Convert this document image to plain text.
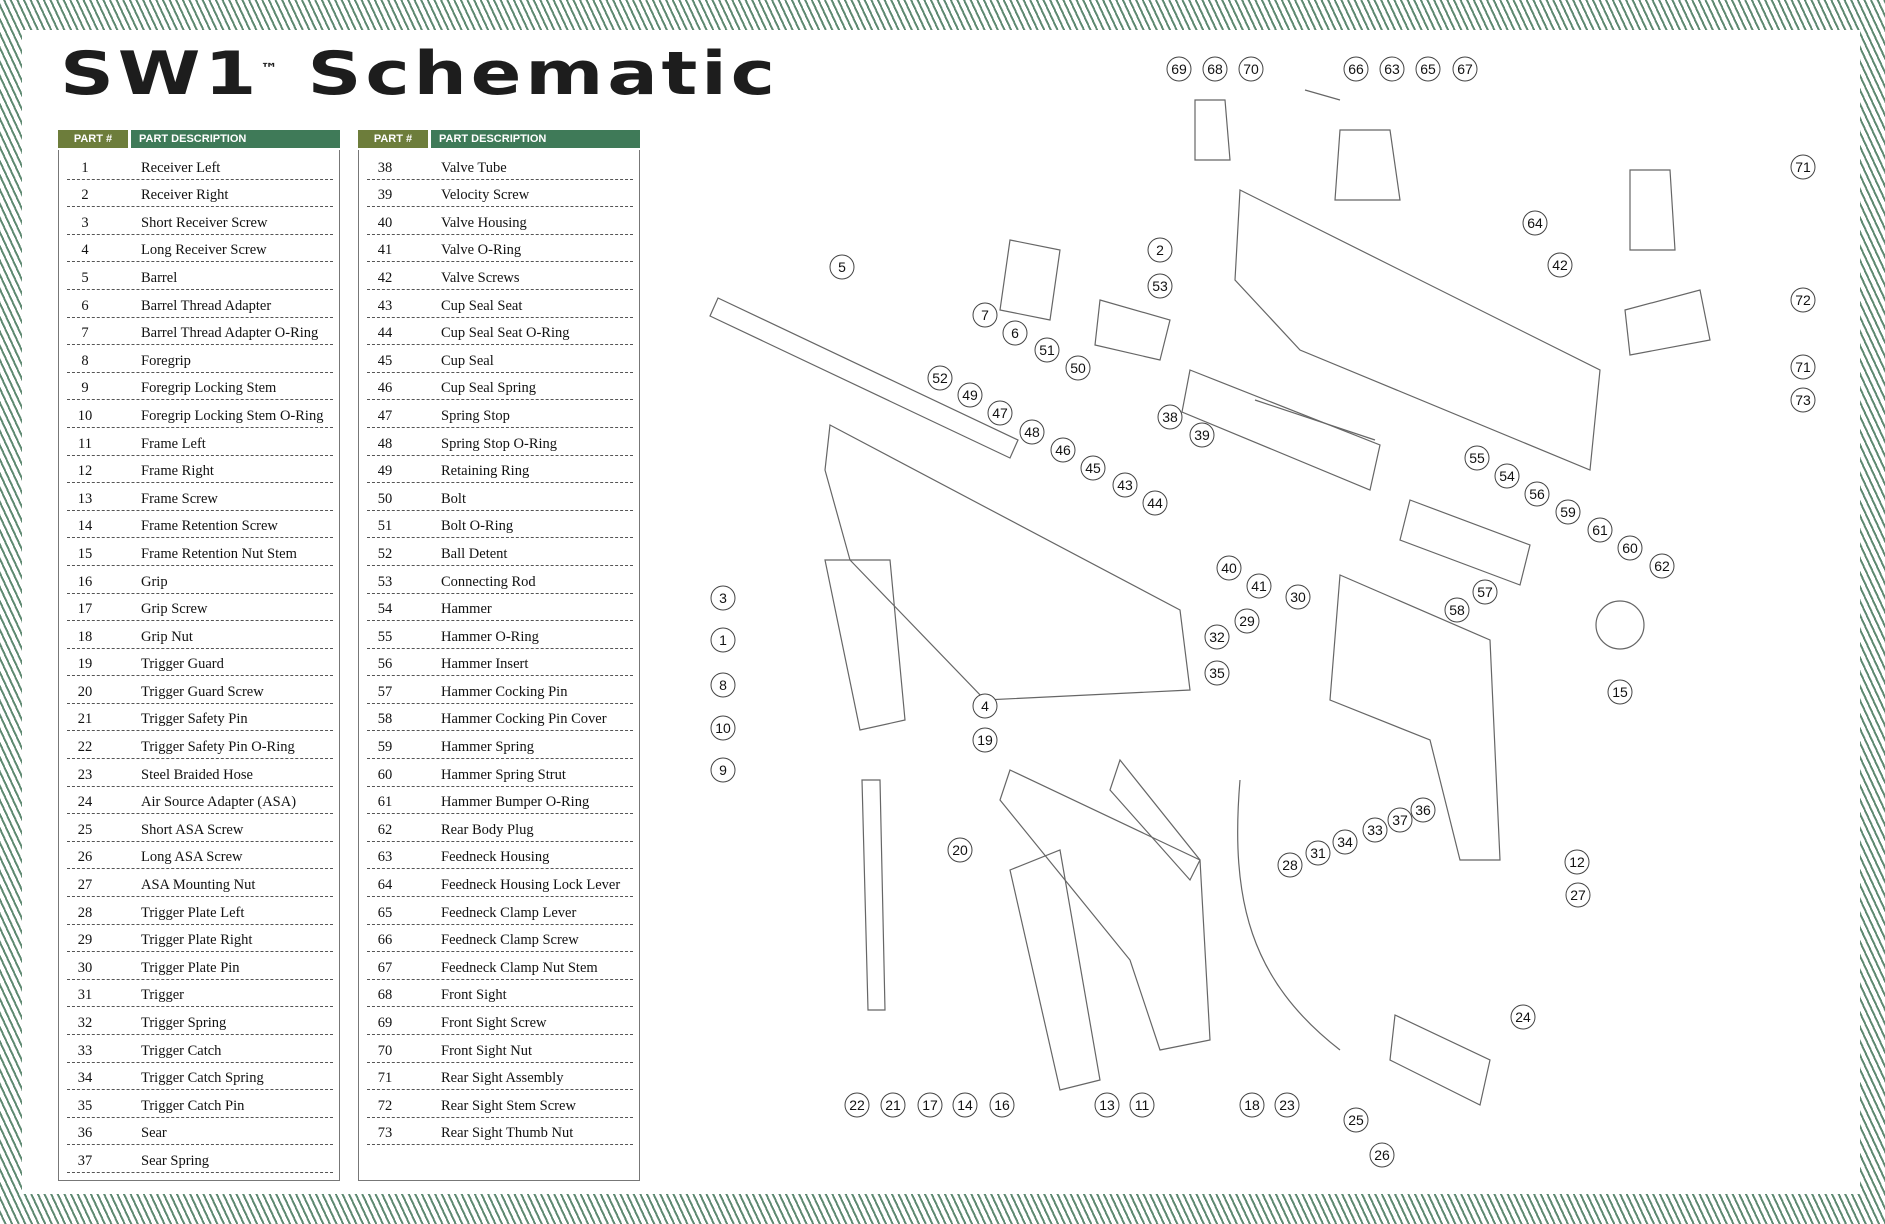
SW1™ Schematic
PART #	PART DESCRIPTION
1	Receiver Left
2	Receiver Right
3	Short Receiver Screw
4	Long Receiver Screw
5	Barrel
6	Barrel Thread Adapter
7	Barrel Thread Adapter O-Ring
8	Foregrip
9	Foregrip Locking Stem
10	Foregrip Locking Stem O-Ring
11	Frame Left
12	Frame Right
13	Frame Screw
14	Frame Retention Screw
15	Frame Retention Nut Stem
16	Grip
17	Grip Screw
18	Grip Nut
19	Trigger Guard
20	Trigger Guard Screw
21	Trigger Safety Pin
22	Trigger Safety Pin O-Ring
23	Steel Braided Hose
24	Air Source Adapter (ASA)
25	Short ASA Screw
26	Long ASA Screw
27	ASA Mounting Nut
28	Trigger Plate Left
29	Trigger Plate Right
30	Trigger Plate Pin
31	Trigger
32	Trigger Spring
33	Trigger Catch
34	Trigger Catch Spring
35	Trigger Catch Pin
36	Sear
37	Sear Spring
PART #	PART DESCRIPTION
38	Valve Tube
39	Velocity Screw
40	Valve Housing
41	Valve O-Ring
42	Valve Screws
43	Cup Seal Seat
44	Cup Seal Seat O-Ring
45	Cup Seal
46	Cup Seal Spring
47	Spring Stop
48	Spring Stop O-Ring
49	Retaining Ring
50	Bolt
51	Bolt O-Ring
52	Ball Detent
53	Connecting Rod
54	Hammer
55	Hammer O-Ring
56	Hammer Insert
57	Hammer Cocking Pin
58	Hammer Cocking Pin Cover
59	Hammer Spring
60	Hammer Spring Strut
61	Hammer Bumper O-Ring
62	Rear Body Plug
63	Feedneck Housing
64	Feedneck Housing Lock Lever
65	Feedneck Clamp Lever
66	Feedneck Clamp Screw
67	Feedneck Clamp Nut Stem
68	Front Sight
69	Front Sight Screw
70	Front Sight Nut
71	Rear Sight Assembly
72	Rear Sight Stem Screw
73	Rear Sight Thumb Nut
1
2
3
4
5
6
7
8
9
10
11
12
13
14
15
16
17	18
19
20
21
22	23
24
25
26
27
28
29
30
31
32
33
34
35
36
37
38
39
40
41
42
43
44
45
46
47
48
49
50
51
52
53
54
55
56
57
58
59
60
61
62
63
64
65
66	67
68
69	70
71
71
72
73
